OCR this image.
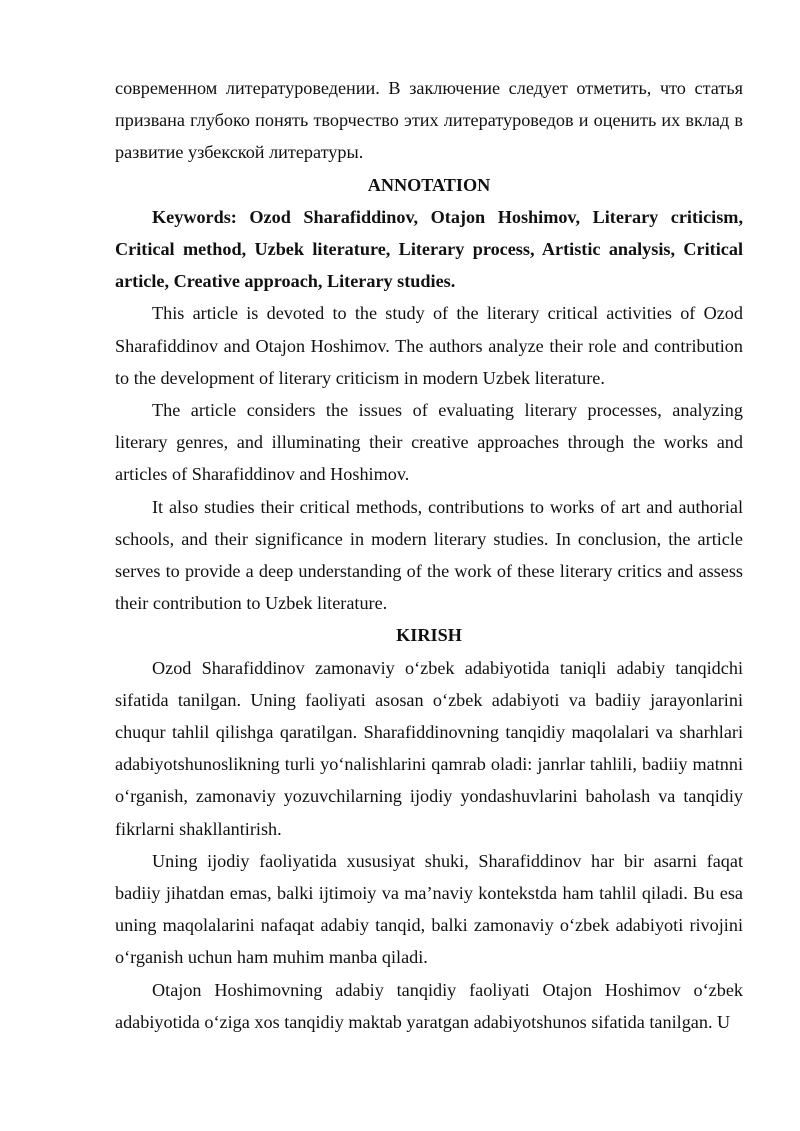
современном литературоведении. В заключение следует отметить, что статья призвана глубоко понять творчество этих литературоведов и оценить их вклад в развитие узбекской литературы.

ANNOTATION

Keywords: Ozod Sharafiddinov, Otajon Hoshimov, Literary criticism, Critical method, Uzbek literature, Literary process, Artistic analysis, Critical article, Creative approach, Literary studies.

This article is devoted to the study of the literary critical activities of Ozod Sharafiddinov and Otajon Hoshimov. The authors analyze their role and contribution to the development of literary criticism in modern Uzbek literature.

The article considers the issues of evaluating literary processes, analyzing literary genres, and illuminating their creative approaches through the works and articles of Sharafiddinov and Hoshimov.

It also studies their critical methods, contributions to works of art and authorial schools, and their significance in modern literary studies. In conclusion, the article serves to provide a deep understanding of the work of these literary critics and assess their contribution to Uzbek literature.

KIRISH

Ozod Sharafiddinov zamonaviy oʻzbek adabiyotida taniqli adabiy tanqidchi sifatida tanilgan. Uning faoliyati asosan oʻzbek adabiyoti va badiiy jarayonlarini chuqur tahlil qilishga qaratilgan. Sharafiddinovning tanqidiy maqolalari va sharhlari adabiyotshunoslikning turli yoʻnalishlarini qamrab oladi: janrlar tahlili, badiiy matnni oʻrganish, zamonaviy yozuvchilarning ijodiy yondashuvlarini baholash va tanqidiy fikrlarni shakllantirish.

Uning ijodiy faoliyatida xususiyat shuki, Sharafiddinov har bir asarni faqat badiiy jihatdan emas, balki ijtimoiy va maʼnaviy kontekstda ham tahlil qiladi. Bu esa uning maqolalarini nafaqat adabiy tanqid, balki zamonaviy oʻzbek adabiyoti rivojini oʻrganish uchun ham muhim manba qiladi.

Otajon Hoshimovning adabiy tanqidiy faoliyati Otajon Hoshimov oʻzbek adabiyotida oʻziga xos tanqidiy maktab yaratgan adabiyotshunos sifatida tanilgan. U
